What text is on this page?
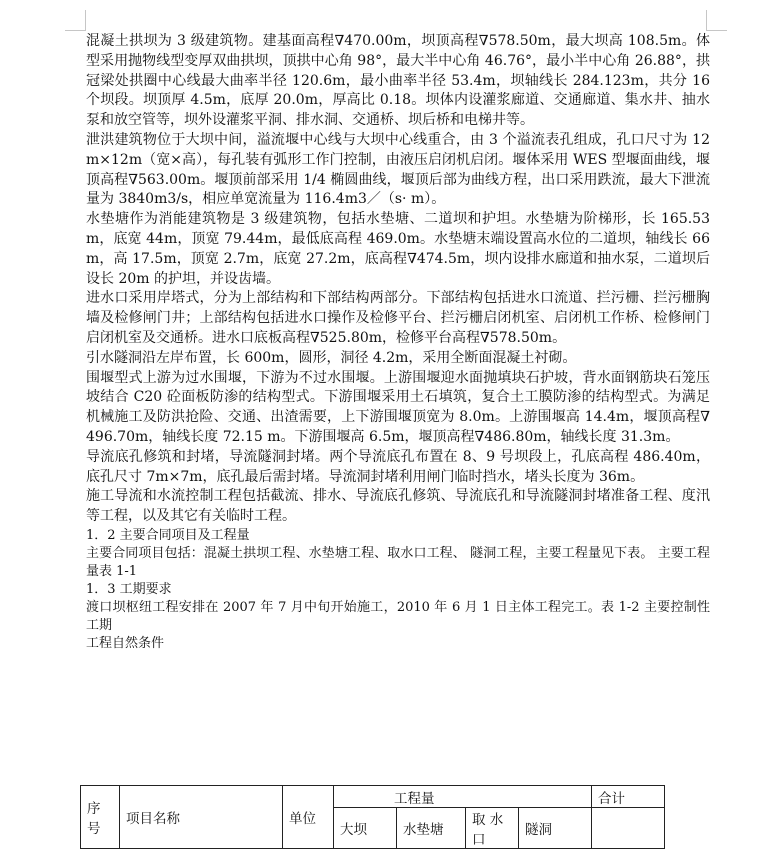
混凝土拱坝为 3 级建筑物。建基面高程∇470.00m，坝顶高程∇578.50m，最大坝高 108.5m。体型采用抛物线型变厚双曲拱坝，顶拱中心角 98°，最大半中心角 46.76°，最小半中心角 26.88°，拱冠梁处拱圈中心线最大曲率半径 120.6m，最小曲率半径 53.4m，坝轴线长 284.123m，共分 16 个坝段。坝顶厚 4.5m，底厚 20.0m，厚高比 0.18。坝体内设灌浆廊道、交通廊道、集水井、抽水泵和放空管等，坝外设灌浆平洞、排水洞、交通桥、坝后桥和电梯井等。

泄洪建筑物位于大坝中间，溢流堰中心线与大坝中心线重合，由 3 个溢流表孔组成，孔口尺寸为 12m×12m（宽×高），每孔装有弧形工作门控制，由液压启闭机启闭。堰体采用 WES 型堰面曲线，堰顶高程∇563.00m。堰顶前部采用 1/4 椭圆曲线，堰顶后部为曲线方程，出口采用跌流，最大下泄流量为 3840m3/s，相应单宽流量为 116.4m3／（s· m）。

水垫塘作为消能建筑物是 3 级建筑物，包括水垫塘、二道坝和护坦。水垫塘为阶梯形，长 165.53m，底宽 44m，顶宽 79.44m，最低底高程 469.0m。水垫塘末端设置高水位的二道坝，轴线长 66m，高 17.5m，顶宽 2.7m，底宽 27.2m，底高程∇474.5m，坝内设排水廊道和抽水泵，二道坝后设长 20m 的护坦，并设齿墙。

进水口采用岸塔式，分为上部结构和下部结构两部分。下部结构包括进水口流道、拦污栅、拦污栅胸墙及检修闸门井；上部结构包括进水口操作及检修平台、拦污栅启闭机室、启闭机工作桥、检修闸门启闭机室及交通桥。进水口底板高程∇525.80m，检修平台高程∇578.50m。

引水隧洞沿左岸布置，长 600m，圆形，洞径 4.2m，采用全断面混凝土衬砌。

围堰型式上游为过水围堰，下游为不过水围堰。上游围堰迎水面抛填块石护坡，背水面钢筋块石笼压坡结合 C20 砼面板防渗的结构型式。下游围堰采用土石填筑，复合土工膜防渗的结构型式。为满足机械施工及防洪抢险、交通、出渣需要，上下游围堰顶宽为 8.0m。上游围堰高 14.4m，堰顶高程∇496.70m，轴线长度 72.15 m。下游围堰高 6.5m，堰顶高程∇486.80m，轴线长度 31.3m。

导流底孔修筑和封堵，导流隧洞封堵。两个导流底孔布置在 8、9 号坝段上，孔底高程 486.40m，底孔尺寸 7m×7m，底孔最后需封堵。导流洞封堵利用闸门临时挡水，堵头长度为 36m。

施工导流和水流控制工程包括截流、排水、导流底孔修筑、导流底孔和导流隧洞封堵准备工程、度汛等工程，以及其它有关临时工程。

1．2 主要合同项目及工程量

主要合同项目包括：混凝土拱坝工程、水垫塘工程、取水口工程、 隧洞工程，主要工程量见下表。 主要工程量表 1-1

1．3 工期要求

渡口坝枢纽工程安排在 2007 年 7 月中旬开始施工，2010 年 6 月 1 日主体工程完工。表 1-2 主要控制性工期

工程自然条件

序号	项目名称	单位	工程量				合计
			大坝	水垫塘	取 水口	隧洞	
